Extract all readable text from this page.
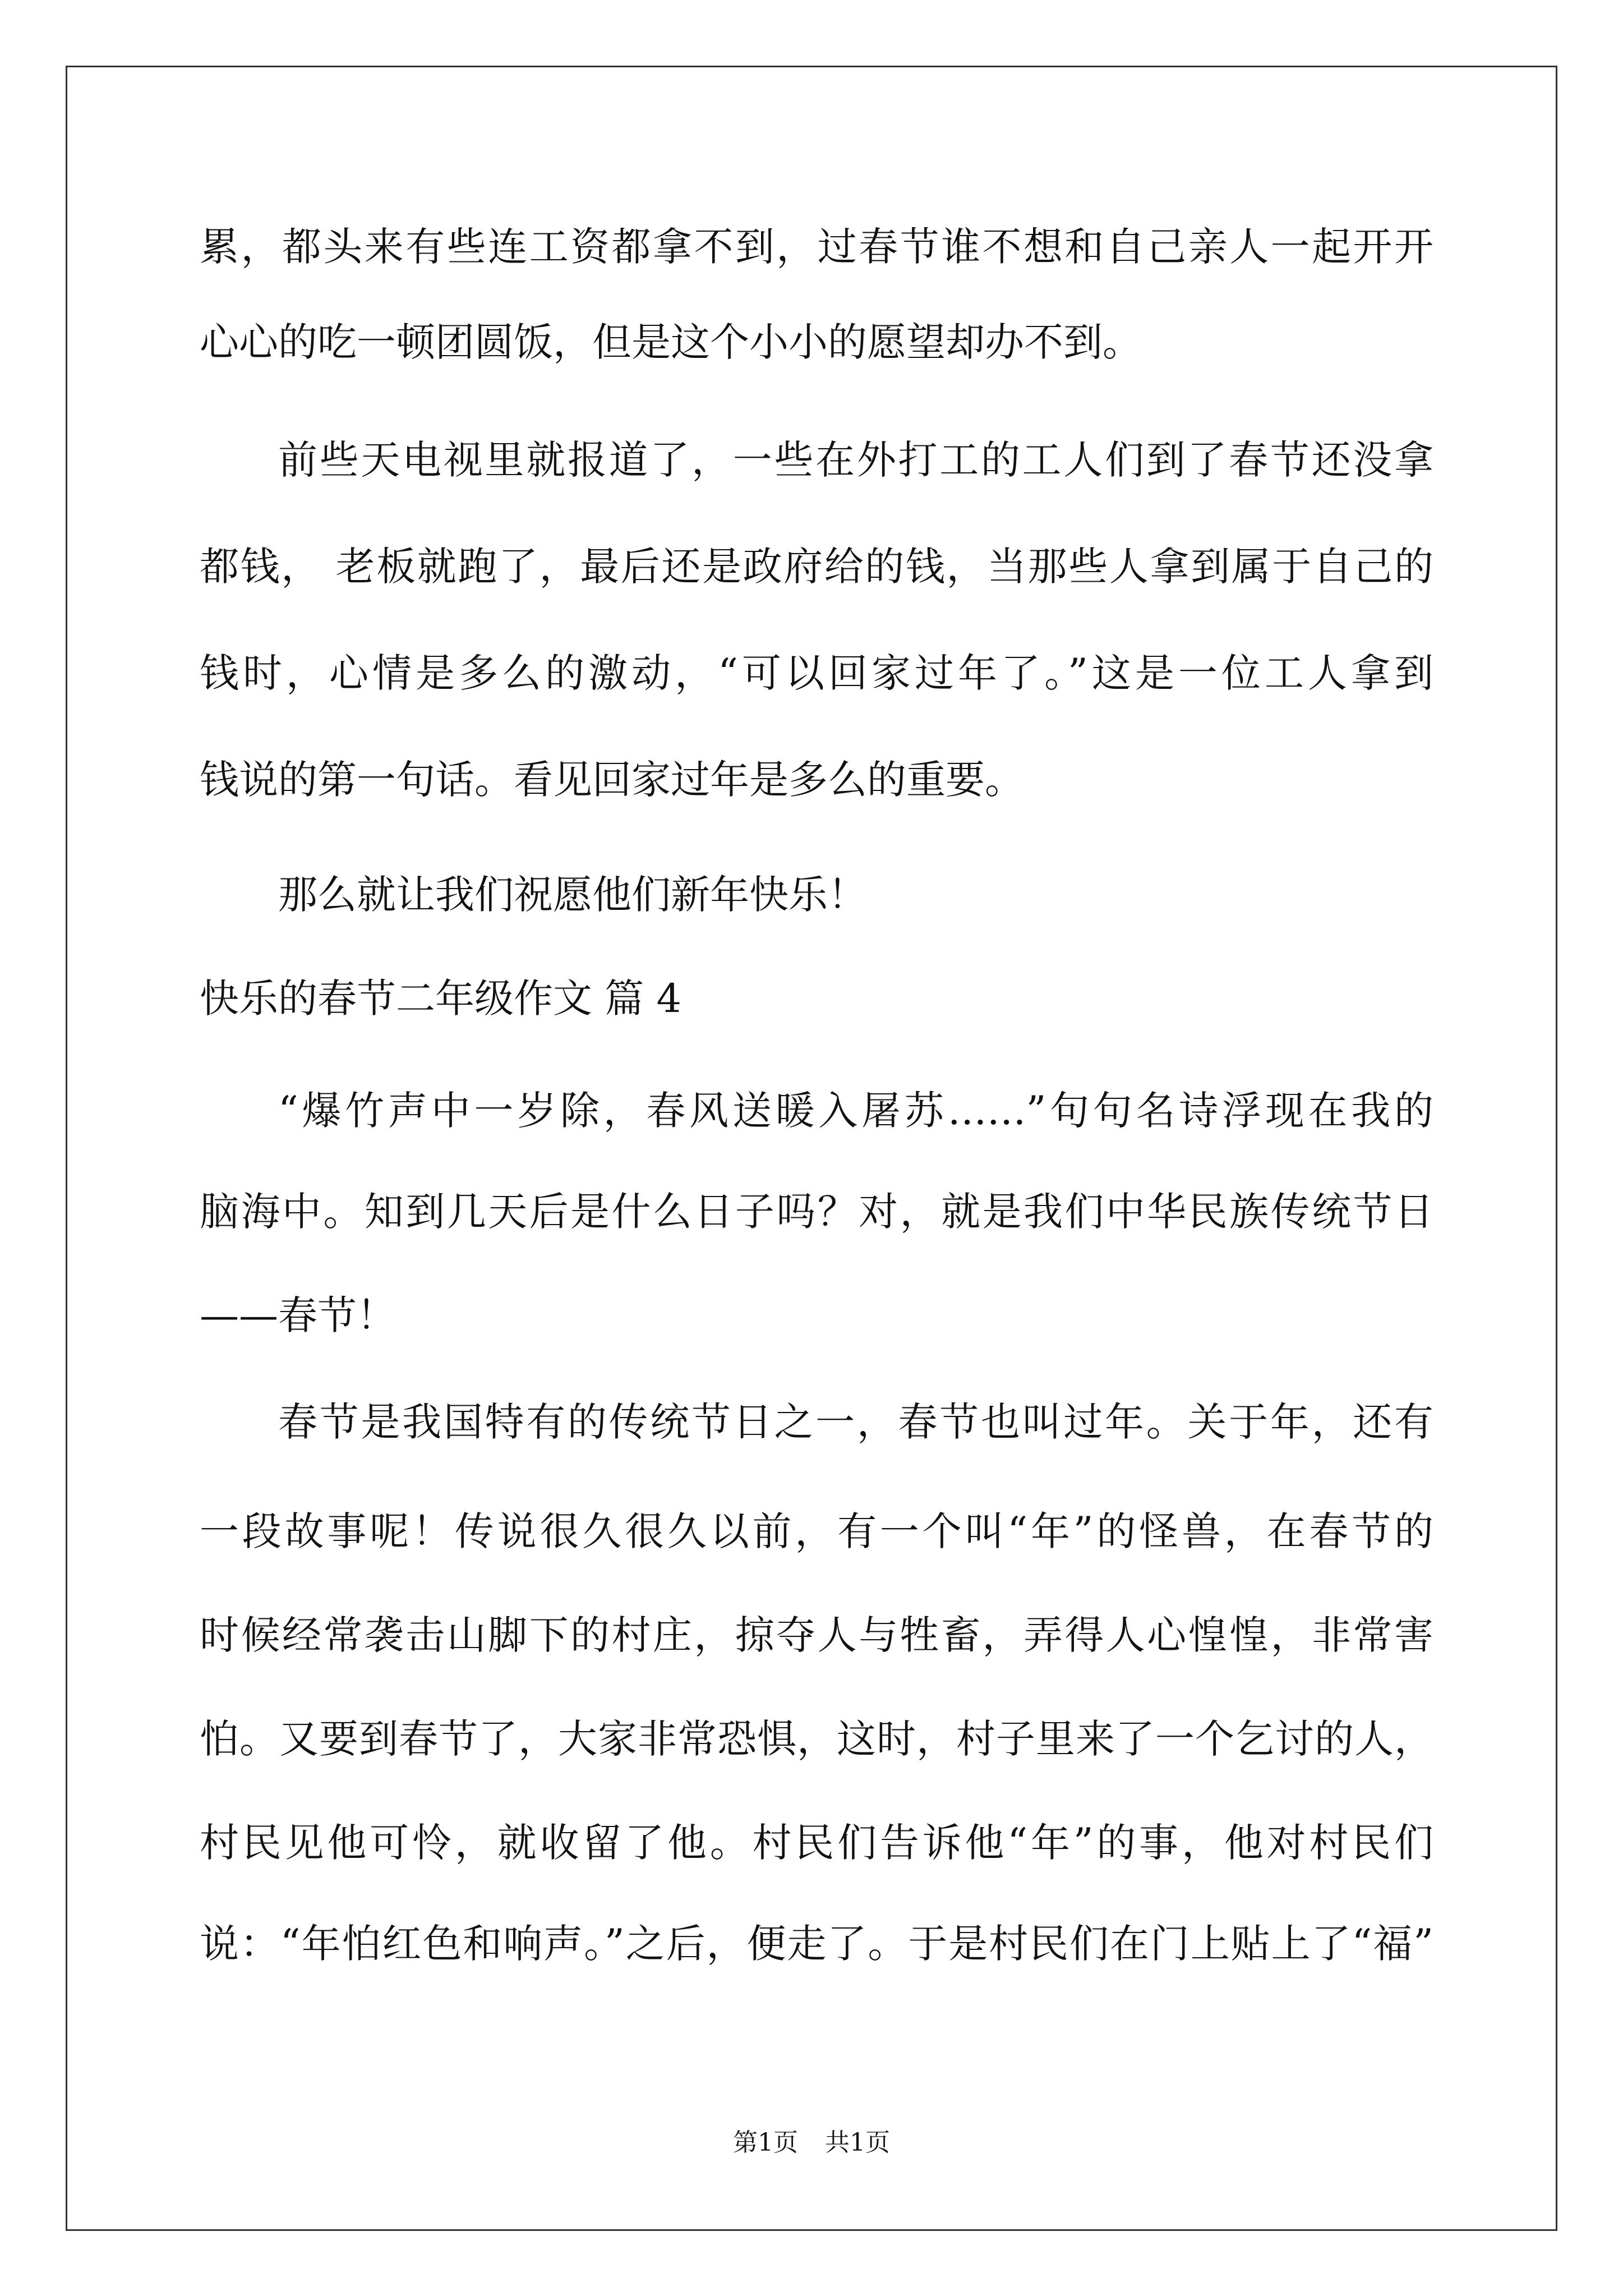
累，都头来有些连工资都拿不到，过春节谁不想和自己亲人一起开开
心心的吃一顿团圆饭，但是这个小小的愿望却办不到。
前些天电视里就报道了，一些在外打工的工人们到了春节还没拿
都钱， 老板就跑了，最后还是政府给的钱，当那些人拿到属于自己的
钱时，心情是多么的激动，“可以回家过年了。”这是一位工人拿到
钱说的第一句话。看见回家过年是多么的重要。
那么就让我们祝愿他们新年快乐！
快乐的春节二年级作文 篇 4
“爆竹声中一岁除，春风送暖入屠苏……”句句名诗浮现在我的
脑海中。知到几天后是什么日子吗？对，就是我们中华民族传统节日
——春节！
春节是我国特有的传统节日之一，春节也叫过年。关于年，还有
一段故事呢！传说很久很久以前，有一个叫“年”的怪兽，在春节的
时候经常袭击山脚下的村庄，掠夺人与牲畜，弄得人心惶惶，非常害
怕。又要到春节了，大家非常恐惧，这时，村子里来了一个乞讨的人，
村民见他可怜，就收留了他。村民们告诉他“年”的事，他对村民们
说：“年怕红色和响声。”之后，便走了。于是村民们在门上贴上了“福”
第1页 共1页
